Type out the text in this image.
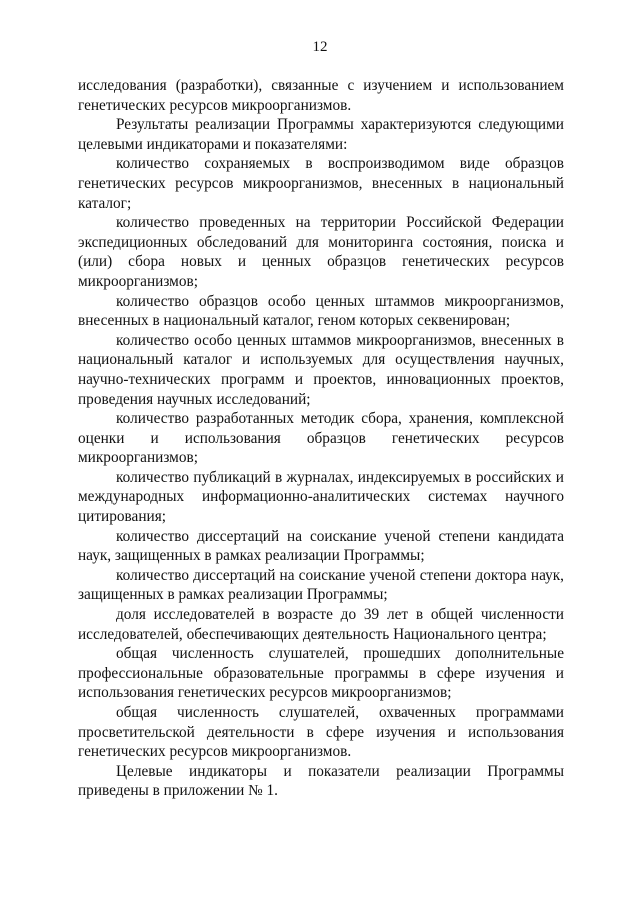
12

исследования (разработки), связанные с изучением и использованием генетических ресурсов микроорганизмов.

Результаты реализации Программы характеризуются следующими целевыми индикаторами и показателями:

количество сохраняемых в воспроизводимом виде образцов генетических ресурсов микроорганизмов, внесенных в национальный каталог;

количество проведенных на территории Российской Федерации экспедиционных обследований для мониторинга состояния, поиска и (или) сбора новых и ценных образцов генетических ресурсов микроорганизмов;

количество образцов особо ценных штаммов микроорганизмов, внесенных в национальный каталог, геном которых секвенирован;

количество особо ценных штаммов микроорганизмов, внесенных в национальный каталог и используемых для осуществления научных, научно-технических программ и проектов, инновационных проектов, проведения научных исследований;

количество разработанных методик сбора, хранения, комплексной оценки и использования образцов генетических ресурсов микроорганизмов;

количество публикаций в журналах, индексируемых в российских и международных информационно-аналитических системах научного цитирования;

количество диссертаций на соискание ученой степени кандидата наук, защищенных в рамках реализации Программы;

количество диссертаций на соискание ученой степени доктора наук, защищенных в рамках реализации Программы;

доля исследователей в возрасте до 39 лет в общей численности исследователей, обеспечивающих деятельность Национального центра;

общая численность слушателей, прошедших дополнительные профессиональные образовательные программы в сфере изучения и использования генетических ресурсов микроорганизмов;

общая численность слушателей, охваченных программами просветительской деятельности в сфере изучения и использования генетических ресурсов микроорганизмов.

Целевые индикаторы и показатели реализации Программы приведены в приложении № 1.
